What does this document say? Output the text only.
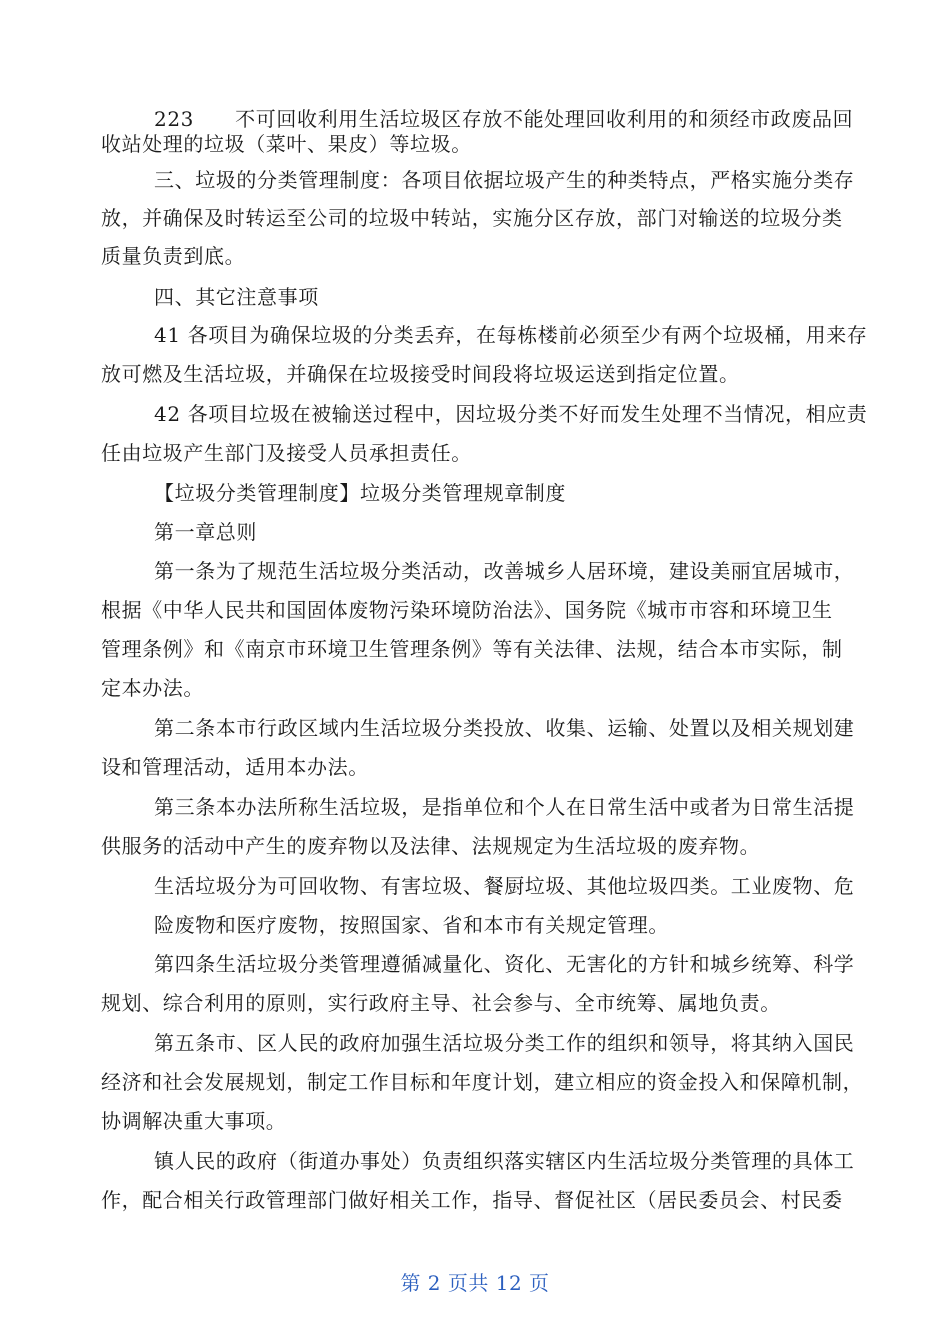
223　　不可回收利用生活垃圾区存放不能处理回收利用的和须经市政废品回
收站处理的垃圾（菜叶、果皮）等垃圾。
三、垃圾的分类管理制度：各项目依据垃圾产生的种类特点，严格实施分类存
放，并确保及时转运至公司的垃圾中转站，实施分区存放，部门对输送的垃圾分类
质量负责到底。
四、其它注意事项
41 各项目为确保垃圾的分类丢弃，在每栋楼前必须至少有两个垃圾桶，用来存
放可燃及生活垃圾，并确保在垃圾接受时间段将垃圾运送到指定位置。
42 各项目垃圾在被输送过程中，因垃圾分类不好而发生处理不当情况，相应责
任由垃圾产生部门及接受人员承担责任。
【垃圾分类管理制度】垃圾分类管理规章制度
第一章总则
第一条为了规范生活垃圾分类活动，改善城乡人居环境，建设美丽宜居城市，
根据《中华人民共和国固体废物污染环境防治法》、国务院《城市市容和环境卫生
管理条例》和《南京市环境卫生管理条例》等有关法律、法规，结合本市实际，制
定本办法。
第二条本市行政区域内生活垃圾分类投放、收集、运输、处置以及相关规划建
设和管理活动，适用本办法。
第三条本办法所称生活垃圾，是指单位和个人在日常生活中或者为日常生活提
供服务的活动中产生的废弃物以及法律、法规规定为生活垃圾的废弃物。
生活垃圾分为可回收物、有害垃圾、餐厨垃圾、其他垃圾四类。工业废物、危
险废物和医疗废物，按照国家、省和本市有关规定管理。
第四条生活垃圾分类管理遵循减量化、资化、无害化的方针和城乡统筹、科学
规划、综合利用的原则，实行政府主导、社会参与、全市统筹、属地负责。
第五条市、区人民的政府加强生活垃圾分类工作的组织和领导，将其纳入国民
经济和社会发展规划，制定工作目标和年度计划，建立相应的资金投入和保障机制，
协调解决重大事项。
镇人民的政府（街道办事处）负责组织落实辖区内生活垃圾分类管理的具体工
作，配合相关行政管理部门做好相关工作，指导、督促社区（居民委员会、村民委
第 2 页共 12 页
